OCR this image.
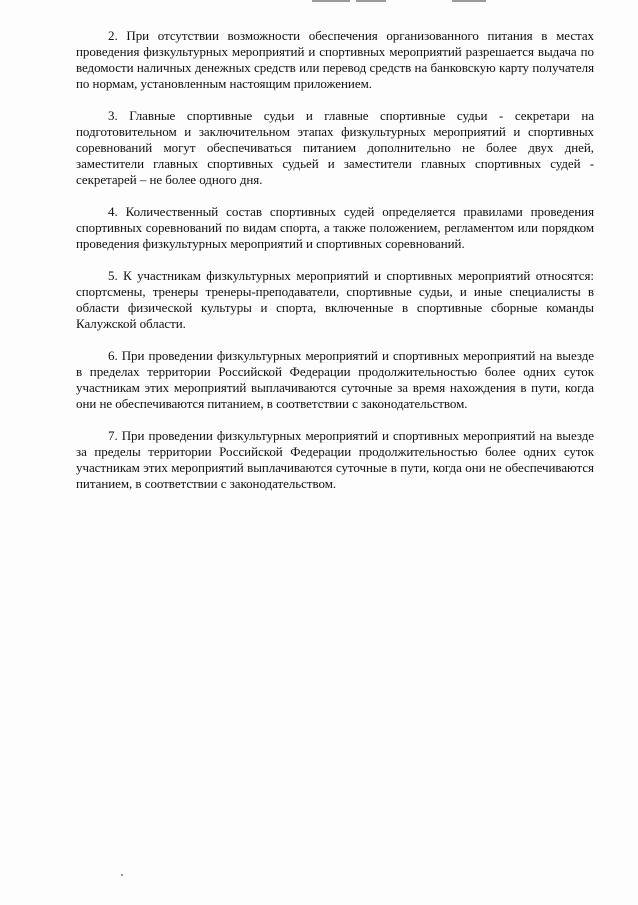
2. При отсутствии возможности обеспечения организованного питания в местах проведения физкультурных мероприятий и спортивных мероприятий разрешается выдача по ведомости наличных денежных средств или перевод средств на банковскую карту получателя по нормам, установленным настоящим приложением.

3. Главные спортивные судьи и главные спортивные судьи - секретари на подготовительном и заключительном этапах физкультурных мероприятий и спортивных соревнований могут обеспечиваться питанием дополнительно не более двух дней, заместители главных спортивных судьей и заместители главных спортивных судей - секретарей – не более одного дня.

4. Количественный состав спортивных судей определяется правилами проведения спортивных соревнований по видам спорта, а также положением, регламентом или порядком проведения физкультурных мероприятий и спортивных соревнований.

5. К участникам физкультурных мероприятий и спортивных мероприятий относятся: спортсмены, тренеры тренеры-преподаватели, спортивные судьи, и иные специалисты в области физической культуры и спорта, включенные в спортивные сборные команды Калужской области.

6. При проведении физкультурных мероприятий и спортивных мероприятий на выезде в пределах территории Российской Федерации продолжительностью более одних суток участникам этих мероприятий выплачиваются суточные за время нахождения в пути, когда они не обеспечиваются питанием, в соответствии с законодательством.

7. При проведении физкультурных мероприятий и спортивных мероприятий на выезде за пределы территории Российской Федерации продолжительностью более одних суток участникам этих мероприятий выплачиваются суточные в пути, когда они не обеспечиваются питанием, в соответствии с законодательством.
